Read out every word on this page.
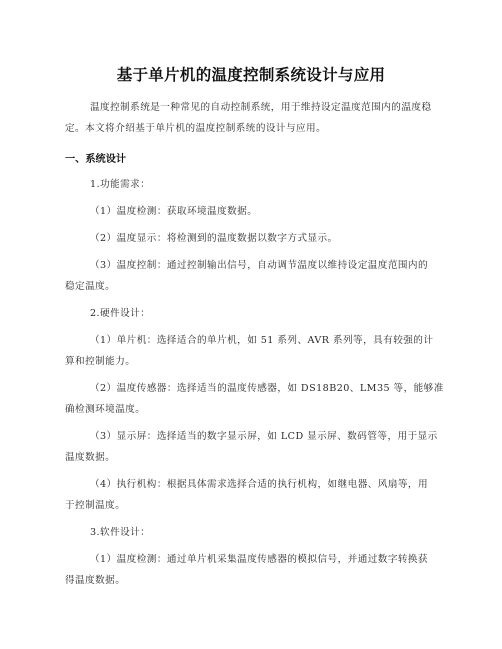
基于单片机的温度控制系统设计与应用

温度控制系统是一种常见的自动控制系统，用于维持设定温度范围内的温度稳

定。本文将介绍基于单片机的温度控制系统的设计与应用。

一、系统设计

1.功能需求：

（1）温度检测：获取环境温度数据。

（2）温度显示：将检测到的温度数据以数字方式显示。

（3）温度控制：通过控制输出信号，自动调节温度以维持设定温度范围内的

稳定温度。

2.硬件设计：

（1）单片机：选择适合的单片机，如 51 系列、AVR 系列等，具有较强的计

算和控制能力。

（2）温度传感器：选择适当的温度传感器，如 DS18B20、LM35 等，能够准

确检测环境温度。

（3）显示屏：选择适当的数字显示屏，如 LCD 显示屏、数码管等，用于显示

温度数据。

（4）执行机构：根据具体需求选择合适的执行机构，如继电器、风扇等，用

于控制温度。

3.软件设计：

（1）温度检测：通过单片机采集温度传感器的模拟信号，并通过数字转换获

得温度数据。
